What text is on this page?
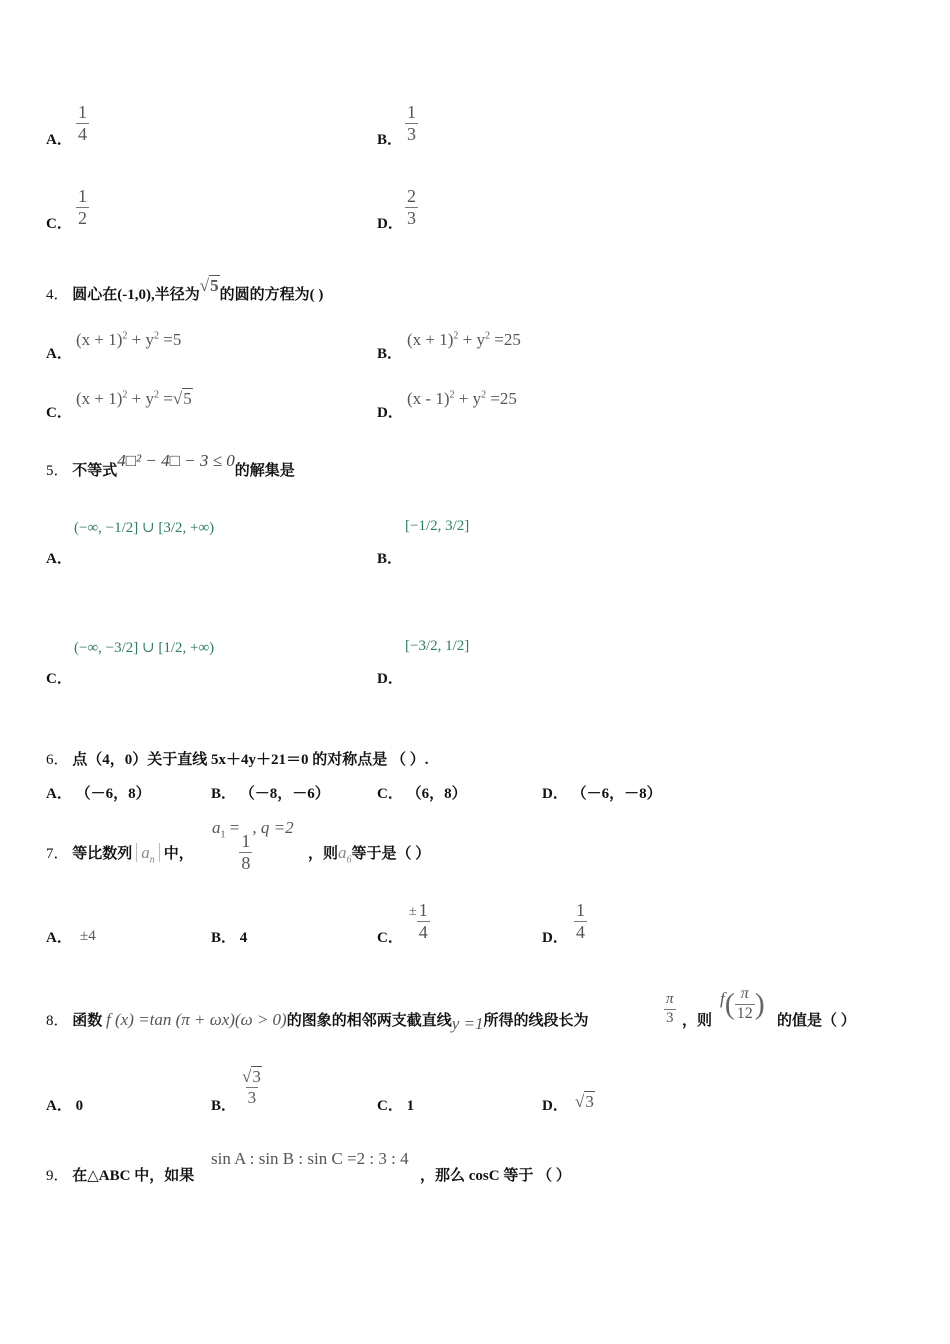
A． $\frac{1}{4}$	B． $\frac{1}{3}$
C． $\frac{1}{2}$	D． $\frac{2}{3}$
4． 圆心在(-1,0),半径为√5的圆的方程为( )
A．
$(x + 1)^2 + y^2 =5$
B．
$(x + 1)^2 + y^2 =25$
C．
$(x + 1)^2 + y^2 =√5$
D．
$(x - 1)^2 + y^2 =25$
5． 不等式4□² − 4□ − 3 ≤ 0的解集是
A．
(−∞, −1/2] ∪ [3/2, +∞)
B．
[−1/2, 3/2]
C．
(−∞, −3/2] ∪ [1/2, +∞)
D．
[−3/2, 1/2]
6． 点（4，0）关于直线 5x＋4y＋21＝0 的对称点是 （ ）.
A． （－6，8）	B． （－8，－6）	C． （6，8）	D． （－6，－8）
7． 等比数列 $a_n$ 中，
$a_1$ =
$\frac{1}{8}$
, q =2
，则$a_6$等于是（ ）
A． ±4	B． 4	C．
$^\pm \frac{1}{4}$	D． $\frac{1}{4}$
8． 函数 f (x) =tan (π + ωx)(ω > 0)的图象的相邻两支截直线y =1所得的线段长为	$\frac{\pi}{3}$ ，则
$f( \frac{\pi}{12}$ )
的值是（ ）
A． 0	B． $\frac{√3}{3}$	C． 1	D． √3
9． 在△ABC 中，如果
sin A : sin B : sin C =2 : 3 : 4
，那么 cosC 等于 （ ）
